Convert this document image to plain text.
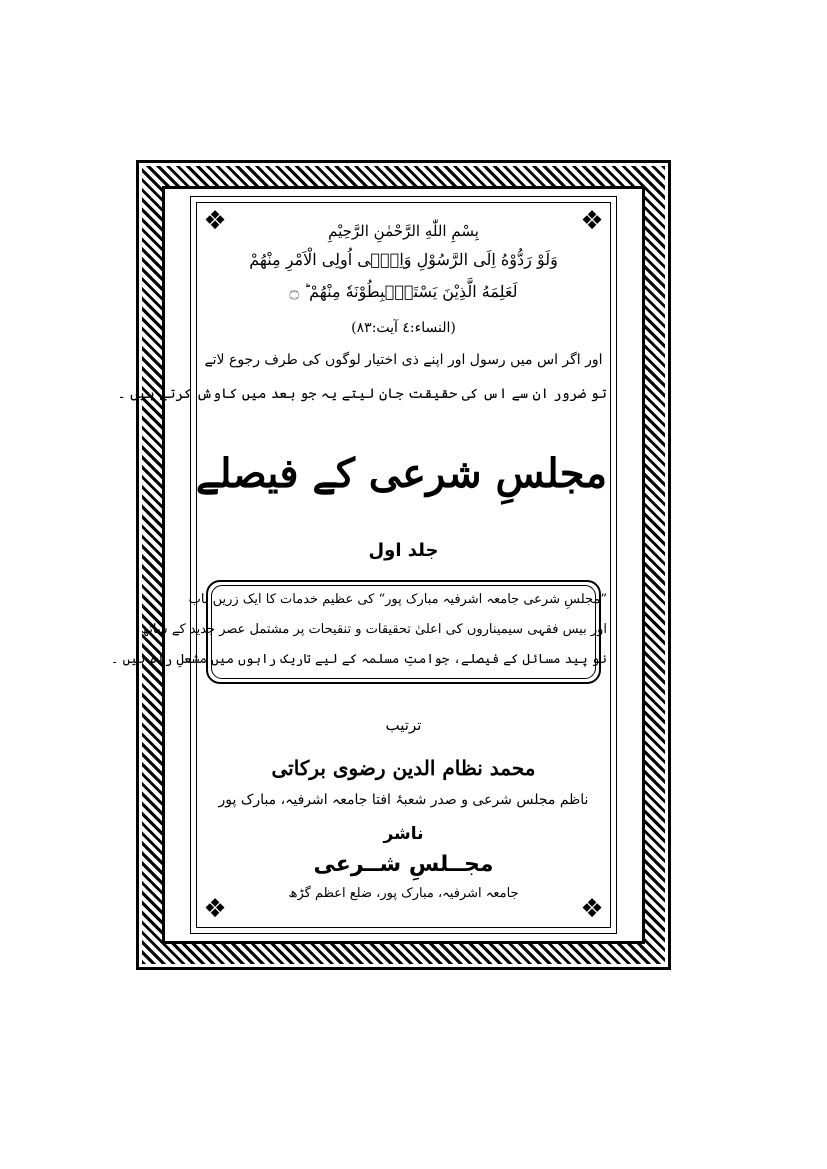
❖	❖
❖	❖
بِسْمِ اللّٰهِ الرَّحْمٰنِ الرَّحِيْمِ
وَلَوْ رَدُّوْهُ اِلَى الرَّسُوْلِ وَاِلٰۤى اُولِى الْاَمْرِ مِنْهُمْ
لَعَلِمَهُ الَّذِيْنَ يَسْتَنْۢبِطُوْنَهٗ مِنْهُمْ ؕ ۝
(النساء:٤ آیت:٨٣)
اور اگر اس میں رسول اور اپنے ذی اختیار لوگوں کی طرف رجوع لاتے
تو ضرور ان سے اس کی حقیقت جان لیتے یہ جو بعد میں کاوش کرتے ہیں ۔
مجلسِ شرعی کے فیصلے
جلد اول
”مجلسِ شرعی جامعہ اشرفیہ مبارک پور“ کی عظیم خدمات کا ایک زریں باب
اور بیس فقہی سیمیناروں کی اعلیٰ تحقیقات و تنقیحات پر مشتمل عصر جدید کے ساتھ
نو پید مسائل کے فیصلے، جوامتِ مسلمہ کے لیے تاریک راہوں میں مشعلِ راہ ہیں ۔
ترتیب
محمد نظام الدین رضوی برکاتی
ناظم مجلس شرعی و صدر شعبۂ افتا جامعہ اشرفیہ، مبارک پور
ناشر
مجــلسِ شــرعی
جامعہ اشرفیہ، مبارک پور، ضلع اعظم گڑھ
